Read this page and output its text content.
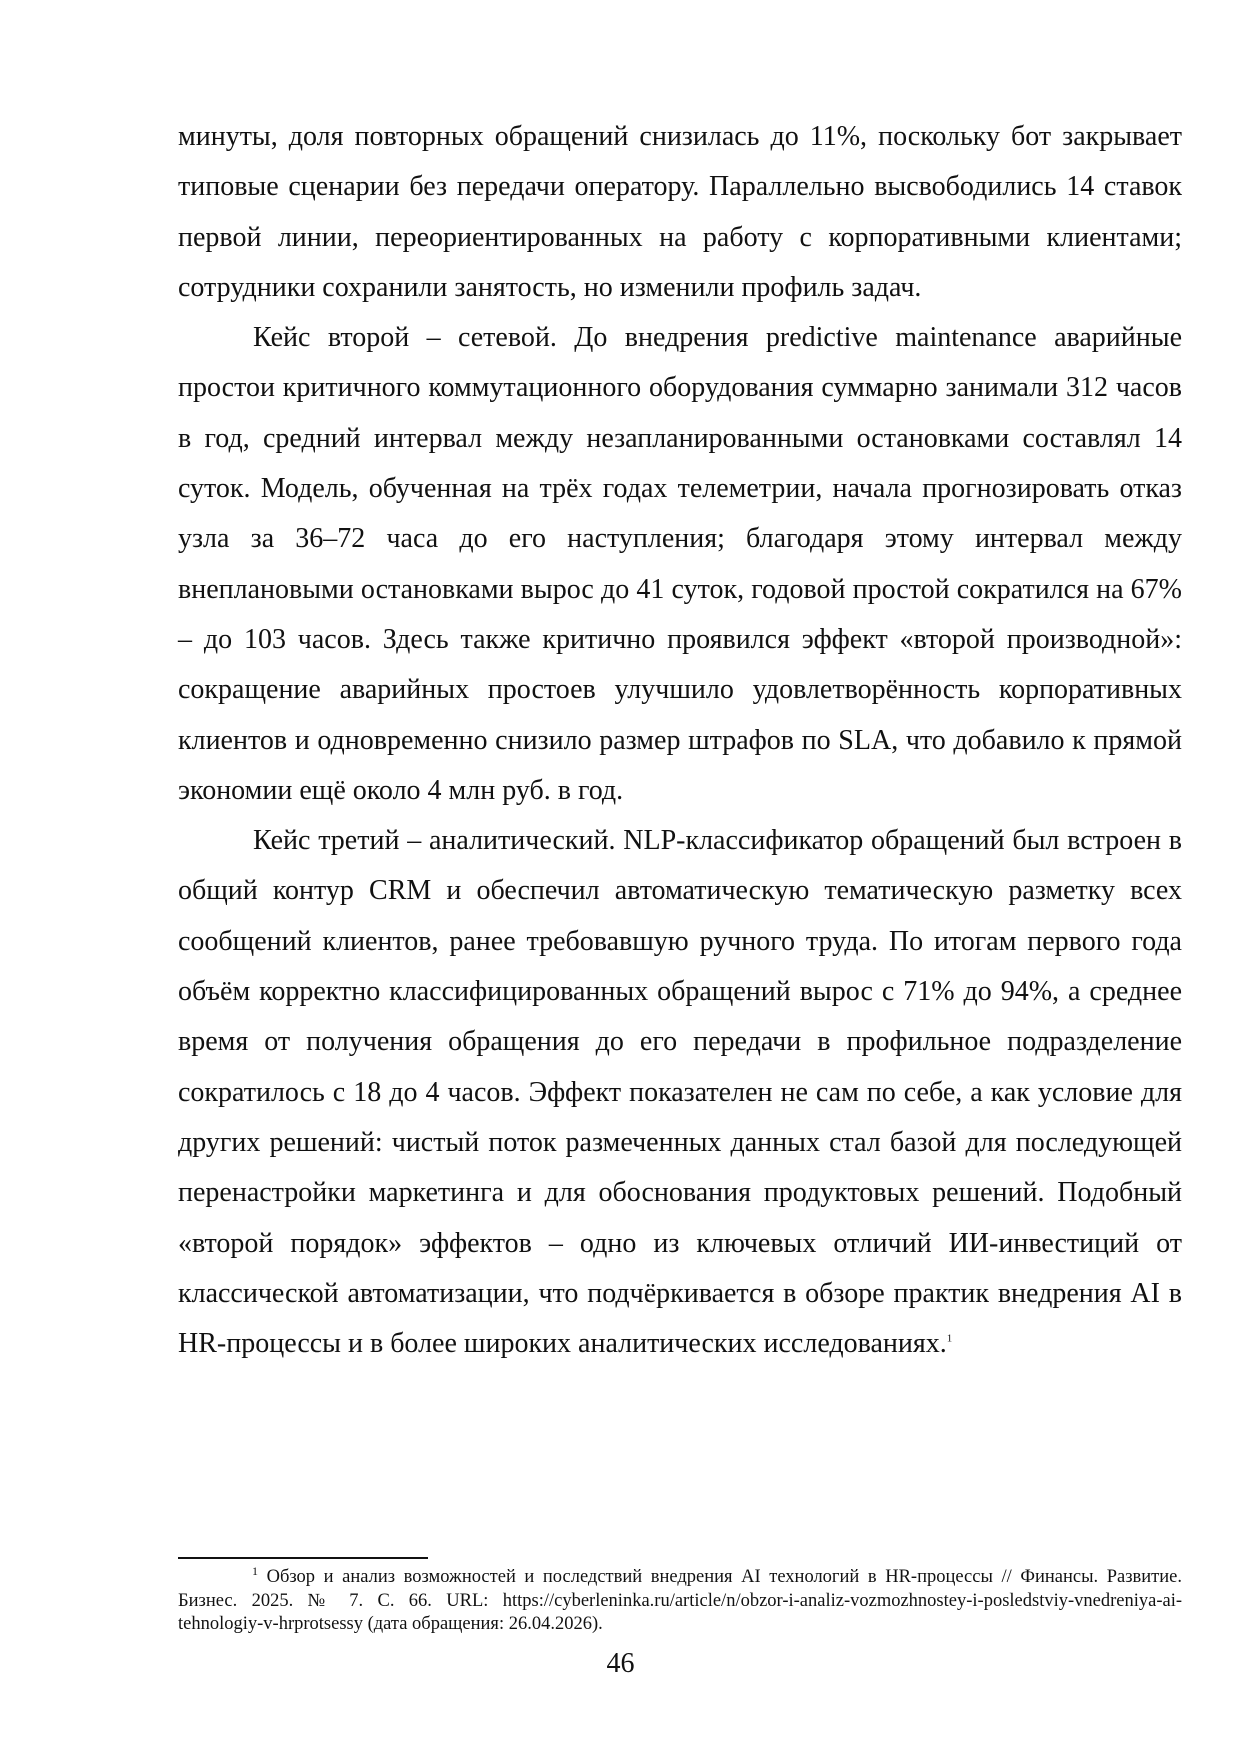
минуты, доля повторных обращений снизилась до 11%, поскольку бот закрывает типовые сценарии без передачи оператору. Параллельно высвободились 14 ставок первой линии, переориентированных на работу с корпоративными клиентами; сотрудники сохранили занятость, но изменили профиль задач.

Кейс второй – сетевой. До внедрения predictive maintenance аварийные простои критичного коммутационного оборудования суммарно занимали 312 часов в год, средний интервал между незапланированными остановками составлял 14 суток. Модель, обученная на трёх годах телеметрии, начала прогнозировать отказ узла за 36–72 часа до его наступления; благодаря этому интервал между внеплановыми остановками вырос до 41 суток, годовой простой сократился на 67% – до 103 часов. Здесь также критично проявился эффект «второй производной»: сокращение аварийных простоев улучшило удовлетворённость корпоративных клиентов и одновременно снизило размер штрафов по SLA, что добавило к прямой экономии ещё около 4 млн руб. в год.

Кейс третий – аналитический. NLP-классификатор обращений был встроен в общий контур CRM и обеспечил автоматическую тематическую разметку всех сообщений клиентов, ранее требовавшую ручного труда. По итогам первого года объём корректно классифицированных обращений вырос с 71% до 94%, а среднее время от получения обращения до его передачи в профильное подразделение сократилось с 18 до 4 часов. Эффект показателен не сам по себе, а как условие для других решений: чистый поток размеченных данных стал базой для последующей перенастройки маркетинга и для обоснования продуктовых решений. Подобный «второй порядок» эффектов – одно из ключевых отличий ИИ-инвестиций от классической автоматизации, что подчёркивается в обзоре практик внедрения AI в HR-процессы и в более широких аналитических исследованиях.$^1$

$^1$ Обзор и анализ возможностей и последствий внедрения AI технологий в HR-процессы // Финансы. Развитие. Бизнес. 2025. № 7. С. 66. URL: https://cyberleninka.ru/article/n/obzor-i-analiz-vozmozhnostey-i-posledstviy-vnedreniya-ai-tehnologiy-v-hrprotsessy (дата обращения: 26.04.2026).
46
